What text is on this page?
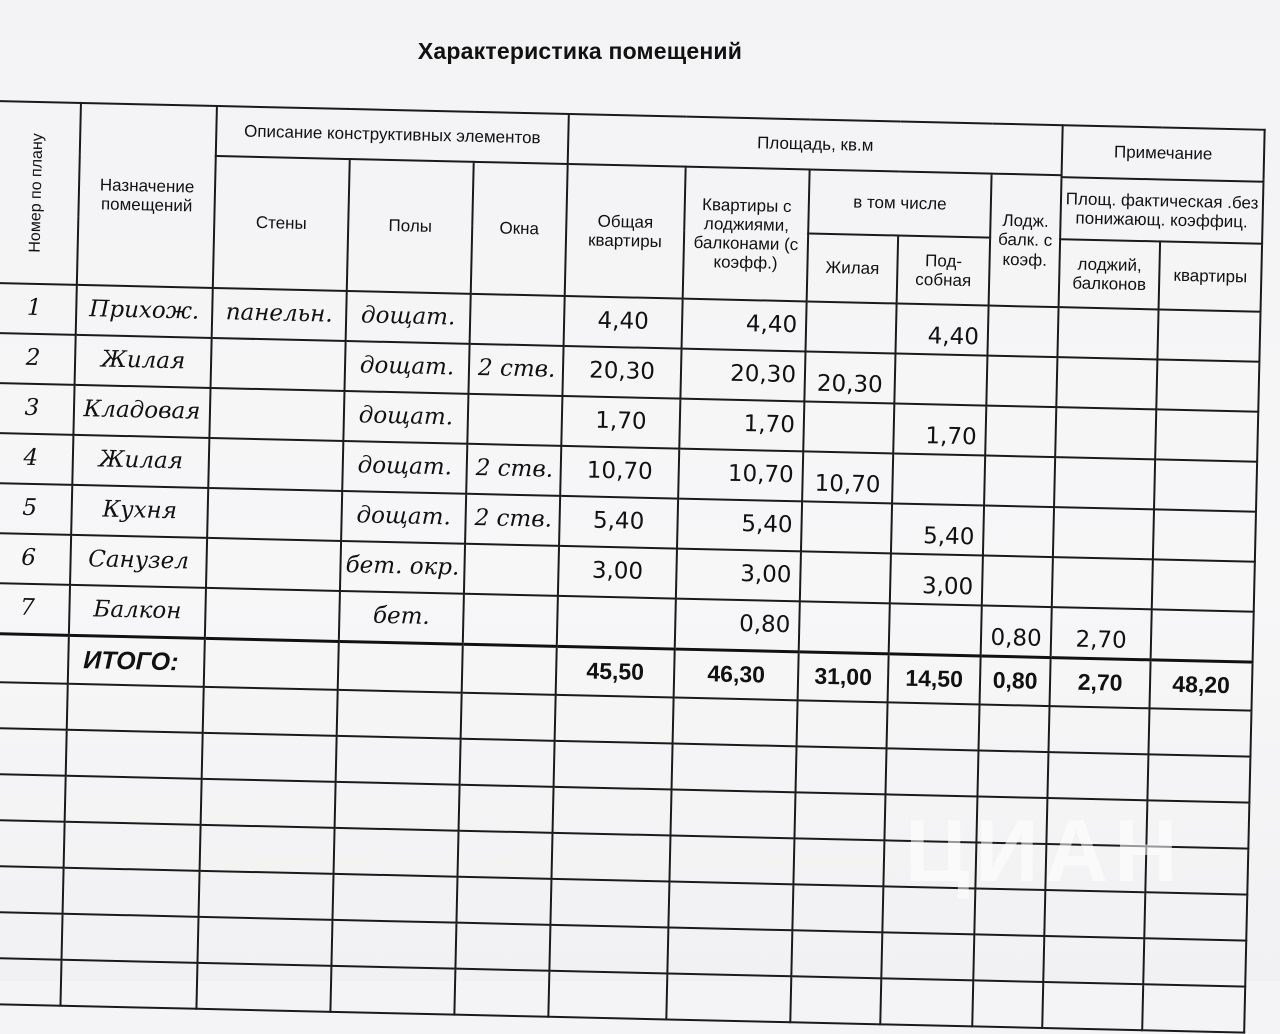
Характеристика помещений
Номер по плану	Назначение помещений	Описание конструктивных элементов			Площадь, кв.м					Примечание	
		Стены	Полы	Окна	Общая квартиры	Квартиры с лоджиями, балконами (с коэфф.)	в том числе		Лодж. балк. с коэф.		
										Площ. фактическая .без понижающ. коэффиц.	
							Жилая	Под-собная		лоджий, балконов	квартиры
1	Прихож.	панельн.	дощат.		4,40	4,40		4,40			
2	Жилая		дощат.	2 ств.	20,30	20,30	20,30				
3	Кладовая		дощат.		1,70	1,70		1,70			
4	Жилая		дощат.	2 ств.	10,70	10,70	10,70				
5	Кухня		дощат.	2 ств.	5,40	5,40		5,40			
6	Санузел		бет. окр.		3,00	3,00		3,00			
7	Балкон		бет.			0,80			0,80	2,70	
	ИТОГО:				45,50	46,30	31,00	14,50	0,80	2,70	48,20

ЦИАН
